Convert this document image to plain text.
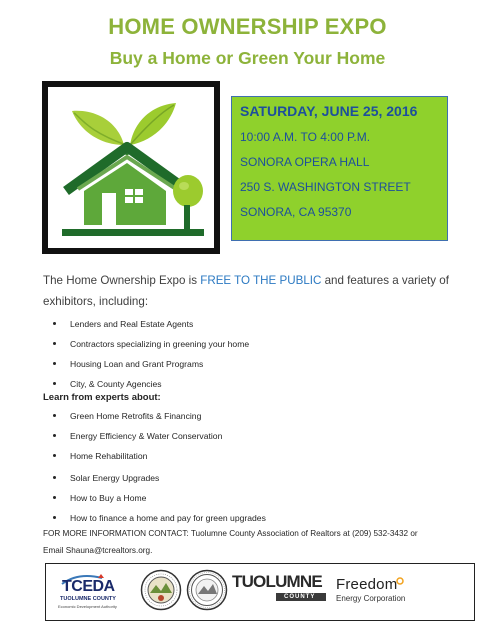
HOME OWNERSHIP EXPO
Buy a Home or Green Your Home
SATURDAY, JUNE 25, 2016
10:00 A.M. TO 4:00 P.M.
SONORA OPERA HALL
250 S. WASHINGTON STREET
SONORA, CA 95370
The Home Ownership Expo is FREE TO THE PUBLIC and features a variety of exhibitors, including:
Lenders and Real Estate Agents
Contractors specializing in greening your home
Housing Loan and Grant Programs
City, & County Agencies
Learn from experts about:
Green Home Retrofits & Financing
Energy Efficiency & Water Conservation
Home Rehabilitation
Solar Energy Upgrades
How to Buy a Home
How to finance a home and pay for green upgrades
FOR MORE INFORMATION CONTACT: Tuolumne County Association of Realtors at (209) 532-3432 or
Email Shauna@tcrealtors.org.
TCEDA
TUOLUMNE COUNTY
Economic Development Authority
TUOLUMNE
COUNTY
Freedom
Energy Corporation
